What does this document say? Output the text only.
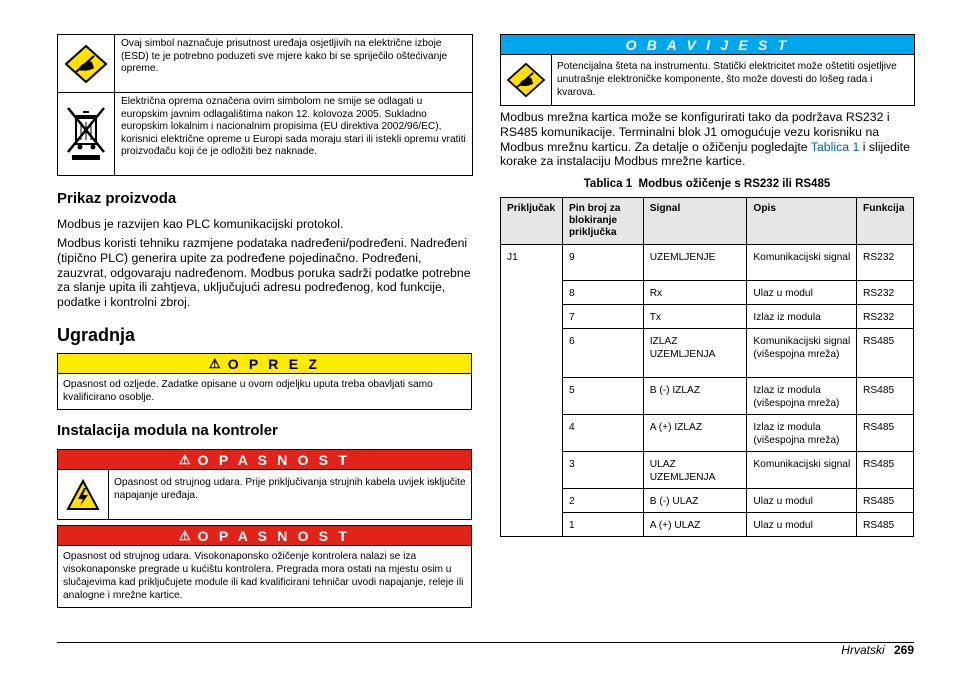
Ovaj simbol naznačuje prisutnost uređaja osjetljivih na električne izboje (ESD) te je potrebno poduzeti sve mjere kako bi se spriječilo oštećivanje opreme.
Električna oprema označena ovim simbolom ne smije se odlagati u europskim javnim odlagalištima nakon 12. kolovoza 2005. Sukladno europskim lokalnim i nacionalnim propisima (EU direktiva 2002/96/EC), korisnici električne opreme u Europi sada moraju stari ili istekli opremu vratiti proizvođaču koji će je odložiti bez naknade.
Prikaz proizvoda

Modbus je razvijen kao PLC komunikacijski protokol.

Modbus koristi tehniku razmjene podataka nadređeni/podređeni. Nadređeni (tipično PLC) generira upite za podređene pojedinačno. Podređeni, zauzvrat, odgovaraju nadređenom. Modbus poruka sadrži podatke potrebne za slanje upita ili zahtjeva, uključujući adresu podređenog, kod funkcije, podatke i kontrolni zbroj.

Ugradnja
⚠ O P R E Z
Opasnost od ozljede. Zadatke opisane u ovom odjeljku uputa treba obavljati samo kvalificirano osoblje.
Instalacija modula na kontroler
⚠ O P A S N O S T
Opasnost od strujnog udara. Prije priključivanja strujnih kabela uvijek isključite napajanje uređaja.
⚠ O P A S N O S T
Opasnost od strujnog udara. Visokonaponsko ožičenje kontrolera nalazi se iza visokonaponske pregrade u kućištu kontrolera. Pregrada mora ostati na mjestu osim u slučajevima kad priključujete module ili kad kvalificirani tehničar uvodi napajanje, releje ili analogne i mrežne kartice.
O B A V I J E S T
Potencijalna šteta na instrumentu. Statički elektricitet može oštetiti osjetljive unutrašnje elektroničke komponente, što može dovesti do lošeg rada i kvarova.

Modbus mrežna kartica može se konfigurirati tako da podržava RS232 i RS485 komunikacije. Terminalni blok J1 omogućuje vezu korisniku na Modbus mrežnu karticu. Za detalje o ožičenju pogledajte Tablica 1 i slijedite korake za instalaciju Modbus mrežne kartice.

Tablica 1  Modbus ožičenje s RS232 ili RS485
Priključak	Pin broj za blokiranje priključka	Signal	Opis	Funkcija
J1	9	UZEMLJENJE	Komunikacijski signal	RS232
	8	Rx	Ulaz u modul	RS232
	7	Tx	Izlaz iz modula	RS232
	6	IZLAZ UZEMLJENJA	Komunikacijski signal (višespojna mreža)	RS485
	5	B (-) IZLAZ	Izlaz iz modula (višespojna mreža)	RS485
	4	A (+) IZLAZ	Izlaz iz modula (višespojna mreža)	RS485
	3	ULAZ UZEMLJENJA	Komunikacijski signal	RS485
	2	B (-) ULAZ	Ulaz u modul	RS485
	1	A (+) ULAZ	Ulaz u modul	RS485
Hrvatski 269
